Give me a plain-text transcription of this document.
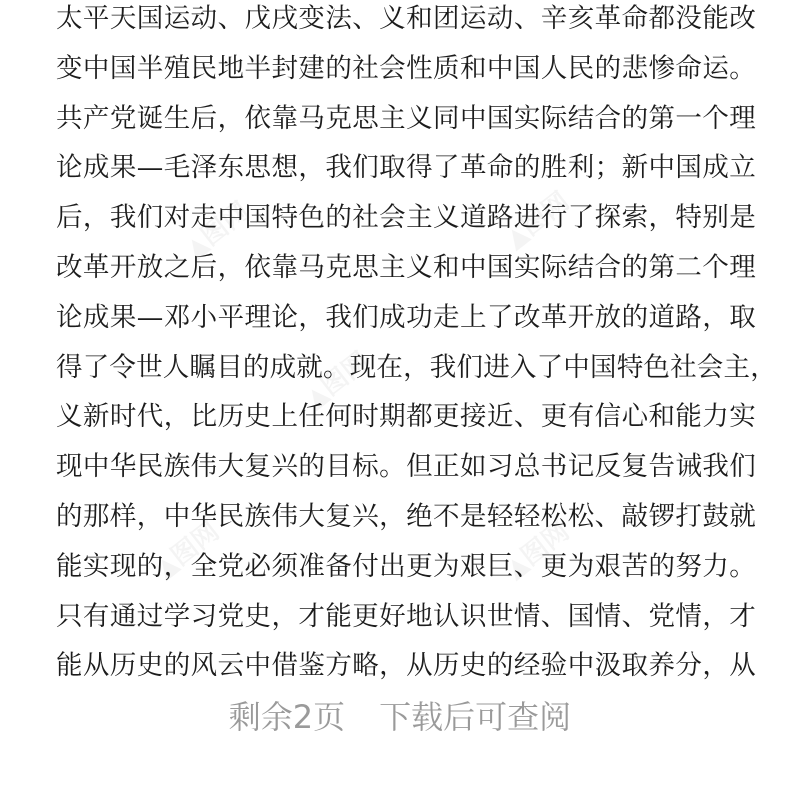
太平天国运动、戊戌变法、义和团运动、辛亥革命都没能改
变中国半殖民地半封建的社会性质和中国人民的悲惨命运。
共产党诞生后，依靠马克思主义同中国实际结合的第一个理
论成果—毛泽东思想，我们取得了革命的胜利；新中国成立
后，我们对走中国特色的社会主义道路进行了探索，特别是
改革开放之后，依靠马克思主义和中国实际结合的第二个理
论成果—邓小平理论，我们成功走上了改革开放的道路，取
得了令世人瞩目的成就。现在，我们进入了中国特色社会主，
义新时代，比历史上任何时期都更接近、更有信心和能力实
现中华民族伟大复兴的目标。但正如习总书记反复告诫我们
的那样，中华民族伟大复兴，绝不是轻轻松松、敲锣打鼓就
能实现的，全党必须准备付出更为艰巨、更为艰苦的努力。
只有通过学习党史，才能更好地认识世情、国情、党情，才
能从历史的风云中借鉴方略，从历史的经验中汲取养分，从
剩余2页 下载后可查阅
